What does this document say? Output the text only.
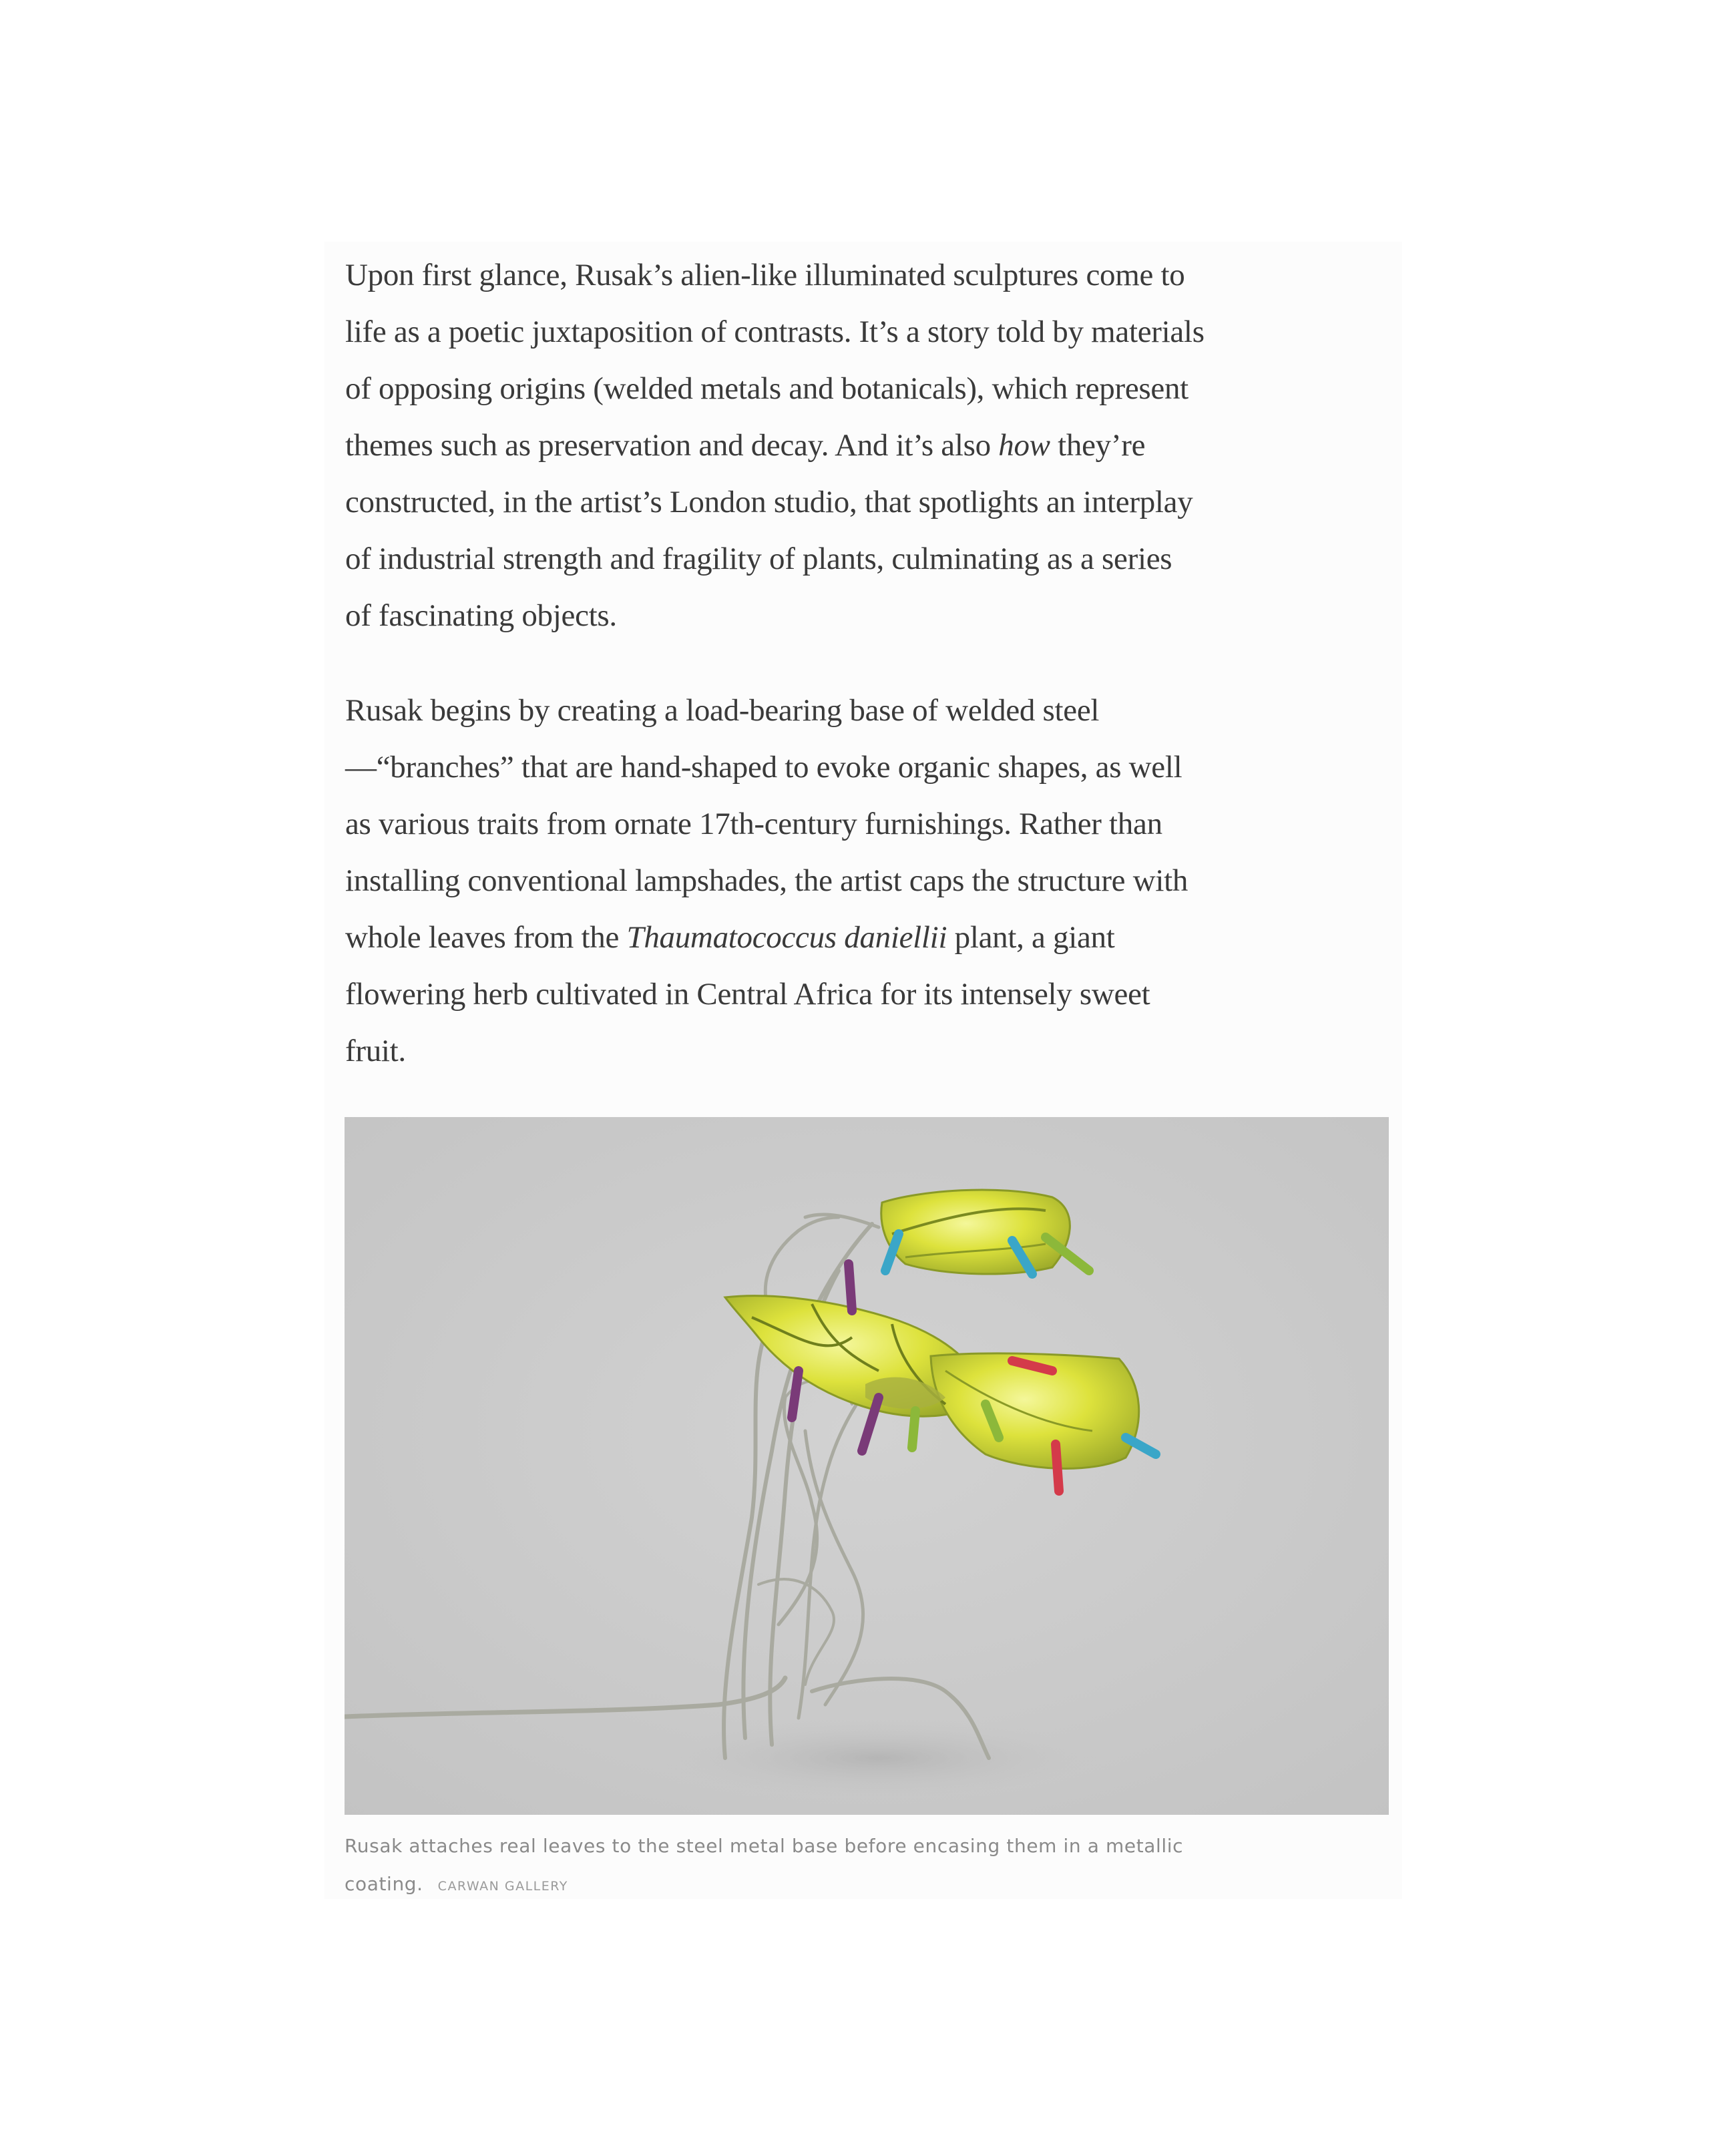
Upon first glance, Rusak’s alien-like illuminated sculptures come to
life as a poetic juxtaposition of contrasts. It’s a story told by materials
of opposing origins (welded metals and botanicals), which represent
themes such as preservation and decay. And it’s also how they’re
constructed, in the artist’s London studio, that spotlights an interplay
of industrial strength and fragility of plants, culminating as a series
of fascinating objects.

Rusak begins by creating a load-bearing base of welded steel
—“branches” that are hand-shaped to evoke organic shapes, as well
as various traits from ornate 17th-century furnishings. Rather than
installing conventional lampshades, the artist caps the structure with
whole leaves from the Thaumatococcus daniellii plant, a giant
flowering herb cultivated in Central Africa for its intensely sweet
fruit.

Rusak attaches real leaves to the steel metal base before encasing them in a metallic
coating. CARWAN GALLERY
